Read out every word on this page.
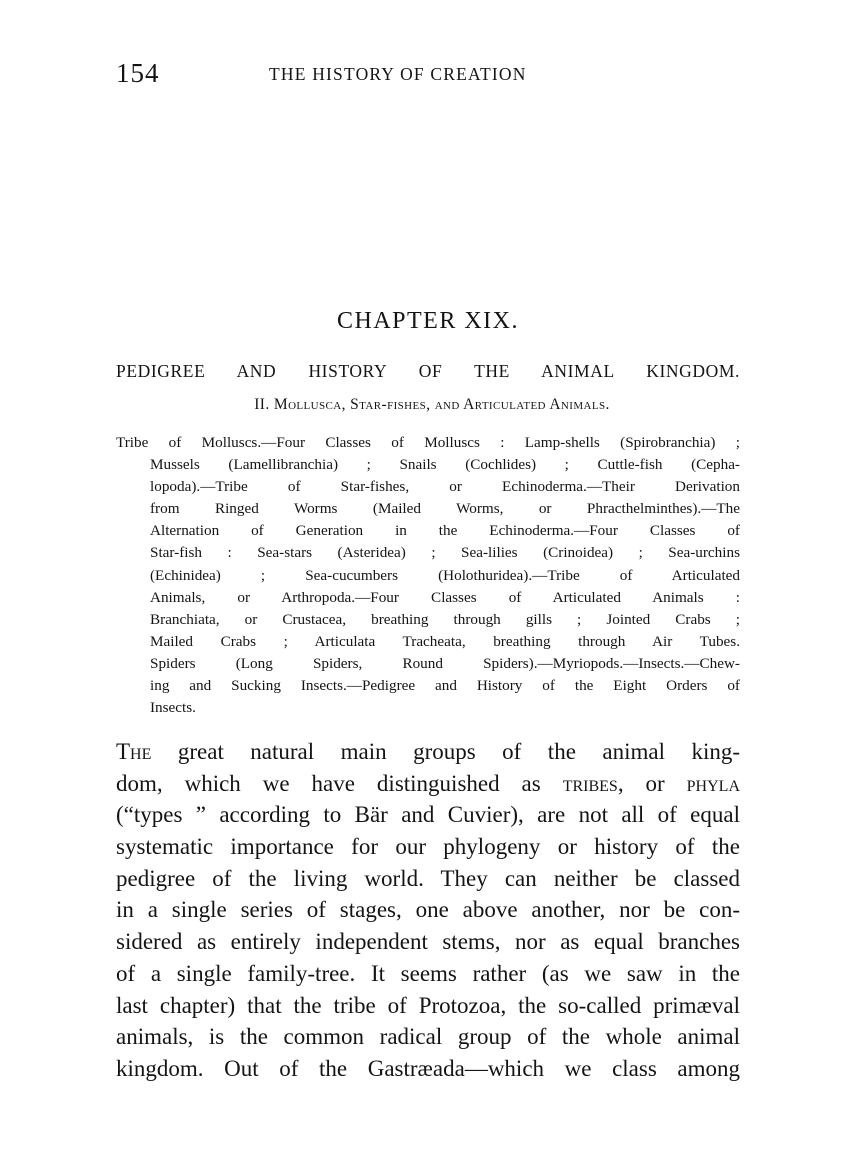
154	THE HISTORY OF CREATION
CHAPTER XIX.
PEDIGREE AND HISTORY OF THE ANIMAL KINGDOM.
II. Mollusca, Star-fishes, and Articulated Animals.
Tribe of Molluscs.—Four Classes of Molluscs : Lamp-shells (Spirobranchia) ;
Mussels (Lamellibranchia) ; Snails (Cochlides) ; Cuttle-fish (Cepha-
lopoda).—Tribe of Star-fishes, or Echinoderma.—Their Derivation
from Ringed Worms (Mailed Worms, or Phracthelminthes).—The
Alternation of Generation in the Echinoderma.—Four Classes of
Star-fish : Sea-stars (Asteridea) ; Sea-lilies (Crinoidea) ; Sea-urchins
(Echinidea) ; Sea-cucumbers (Holothuridea).—Tribe of Articulated
Animals, or Arthropoda.—Four Classes of Articulated Animals :
Branchiata, or Crustacea, breathing through gills ; Jointed Crabs ;
Mailed Crabs ; Articulata Tracheata, breathing through Air Tubes.
Spiders (Long Spiders, Round Spiders).—Myriopods.—Insects.—Chew-
ing and Sucking Insects.—Pedigree and History of the Eight Orders of
Insects.
The great natural main groups of the animal king-
dom, which we have distinguished as tribes, or phyla
(“types ” according to Bär and Cuvier), are not all of equal
systematic importance for our phylogeny or history of the
pedigree of the living world. They can neither be classed
in a single series of stages, one above another, nor be con-
sidered as entirely independent stems, nor as equal branches
of a single family-tree. It seems rather (as we saw in the
last chapter) that the tribe of Protozoa, the so-called primæval
animals, is the common radical group of the whole animal
kingdom. Out of the Gastræada—which we class among
